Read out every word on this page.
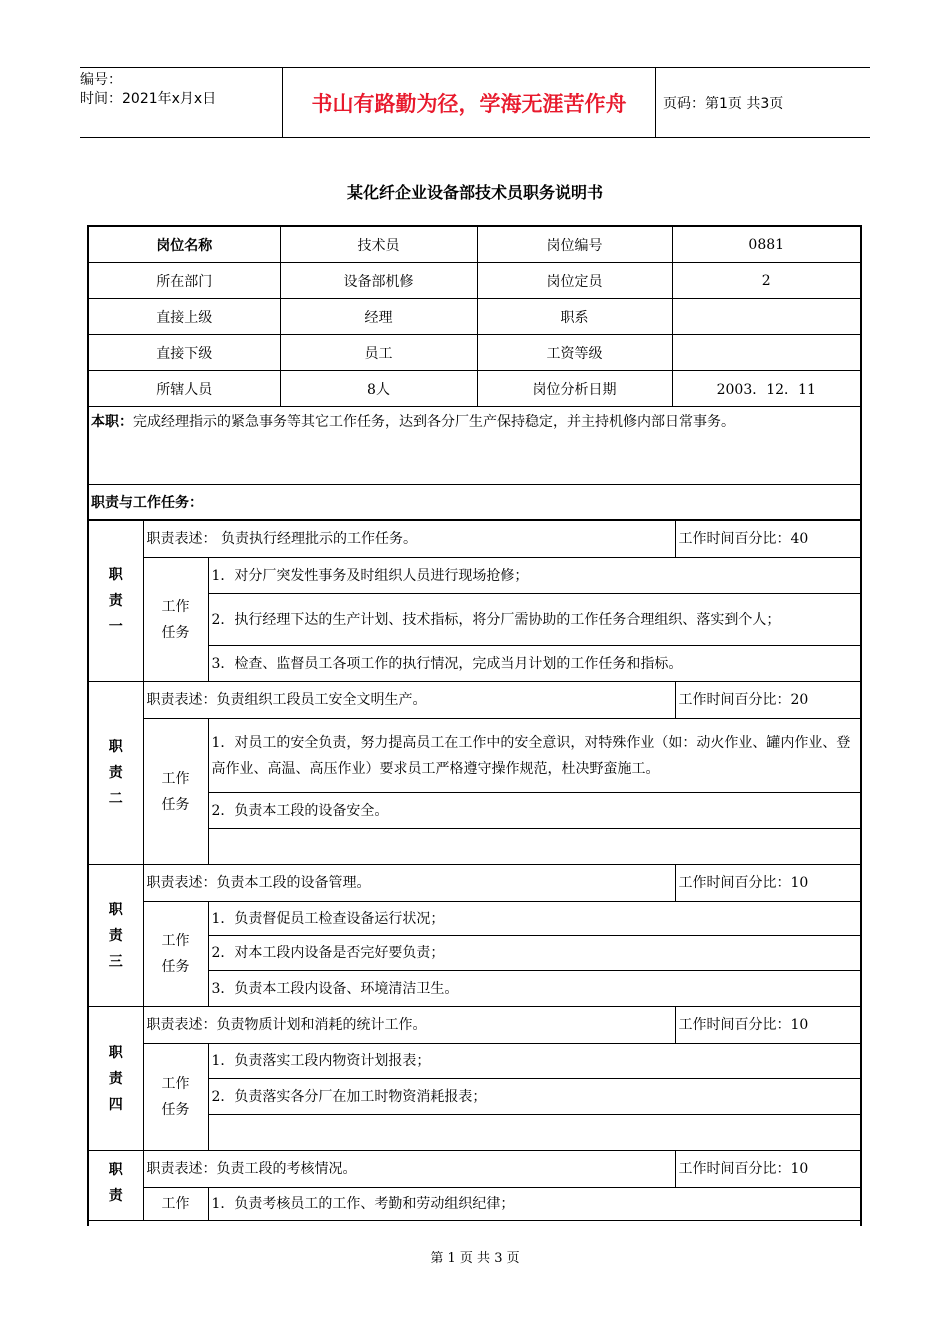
编号：
时间：2021年x月x日	书山有路勤为径，学海无涯苦作舟	页码：第1页 共3页
某化纤企业设备部技术员职务说明书
岗位名称	技术员	岗位编号	0881
所在部门	设备部机修	岗位定员	2
直接上级	经理	职系	
直接下级	员工	工资等级	
所辖人员	8人	岗位分析日期	2003．12．11
本职：完成经理指示的紧急事务等其它工作任务，达到各分厂生产保持稳定，并主持机修内部日常事务。
职责与工作任务：
职责一	职责表述： 负责执行经理批示的工作任务。		工作时间百分比：40

	工作任务	1．对分厂突发性事务及时组织人员进行现场抢修；	
		2．执行经理下达的生产计划、技术指标，将分厂需协助的工作任务合理组织、落实到个人；	
		3．检查、监督员工各项工作的执行情况，完成当月计划的工作任务和指标。	

职责二	职责表述：负责组织工段员工安全文明生产。		工作时间百分比：20

	工作任务	1．对员工的安全负责，努力提高员工在工作中的安全意识，对特殊作业（如：动火作业、罐内作业、登高作业、高温、高压作业）要求员工严格遵守操作规范，杜决野蛮施工。	
		2．负责本工段的设备安全。	

职责三	职责表述：负责本工段的设备管理。		工作时间百分比：10

	工作任务	1．负责督促员工检查设备运行状况；	
		2．对本工段内设备是否完好要负责；	
		3．负责本工段内设备、环境清洁卫生。	

职责四	职责表述：负责物质计划和消耗的统计工作。		工作时间百分比：10

	工作任务	1．负责落实工段内物资计划报表；	
		2．负责落实各分厂在加工时物资消耗报表；	

职责	职责表述：负责工段的考核情况。		工作时间百分比：10

	工作	1．负责考核员工的工作、考勤和劳动组织纪律；	
第 1 页 共 3 页
